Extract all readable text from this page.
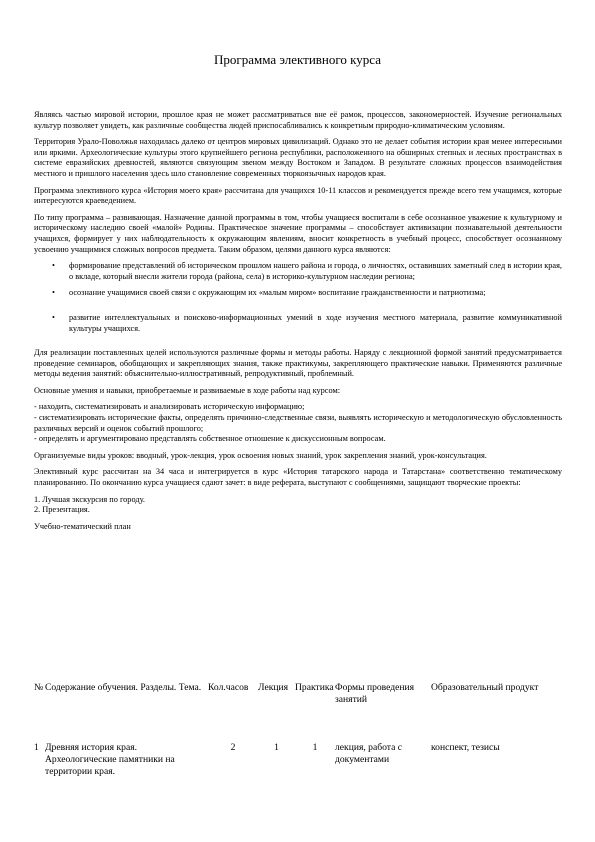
Программа элективного курса

Являясь частью мировой истории, прошлое края не может рассматриваться вне её рамок, процессов, закономерностей. Изучение региональных культур позволяет увидеть, как различные сообщества людей приспосабливались к конкретным природно-климатическим условиям.

Территория Урало-Поволжья находилась далеко от центров мировых цивилизаций. Однако это не делает события истории края менее интересными или яркими. Археологические культуры этого крупнейшего региона республики, расположенного на обширных степных и лесных пространствах в системе евразийских древностей, являются связующим звеном между Востоком и Западом. В результате сложных процессов взаимодействия местного и пришлого населения здесь шло становление современных тюркоязычных народов края.

Программа элективного курса «История моего края» рассчитана для учащихся 10-11 классов и рекомендуется прежде всего тем учащимся, которые интересуются краеведением.

По типу программа – развивающая. Назначение данной программы в том, чтобы учащиеся воспитали в себе осознанное уважение к культурному и историческому наследию своей «малой» Родины. Практическое значение программы – способствует активизации познавательной деятельности учащихся, формирует у них наблюдательность к окружающим явлениям, вносит конкретность в учебный процесс, способствует осознанному усвоению учащимися сложных вопросов предмета. Таким образом, целями данного курса являются:

• формирование представлений об историческом прошлом нашего района и города, о личностях, оставивших заметный след в истории края, о вкладе, который внесли жители города (района, села) в историко-культурном наследии региона;
• осознание учащимися своей связи с окружающим их «малым миром» воспитание гражданственности и патриотизма;
• развитие интеллектуальных и поисково-информационных умений в ходе изучения местного материала, развитие коммуникативной культуры учащихся.

Для реализации поставленных целей используются различные формы и методы работы. Наряду с лекционной формой занятий предусматривается проведение семинаров, обобщающих и закрепляющих знания, также практикумы, закрепляющего практические навыки. Применяются различные методы ведения занятий: объяснительно-иллюстративный, репродуктивный, проблемный.

Основные умения и навыки, приобретаемые и развиваемые в ходе работы над курсом:

- находить, систематизировать и анализировать историческую информацию;

- систематизировать исторические факты, определять причинно-следственные связи, выявлять историческую и методологическую обусловленность различных версий и оценок событий прошлого;

- определять и аргументировано представлять собственное отношение к дискуссионным вопросам.

Организуемые виды уроков: вводный, урок-лекция, урок освоения новых знаний, урок закрепления знаний, урок-консультация.

Элективный курс рассчитан на 34 часа и интегрируется в курс «История татарского народа и Татарстана» соответственно тематическому планированию. По окончанию курса учащиеся сдают зачет: в виде реферата, выступают с сообщениями, защищают творческие проекты:

1. Лучшая экскурсия по городу.

2. Презентация.

Учебно-тематический план

№	Содержание обучения. Разделы. Тема.	Кол.часов	Лекция	Практика	Формы проведения занятий	Образовательный продукт
1	Древняя история края. Археологические памятники на территории края.	2	1	1	лекция, работа с документами	конспект, тезисы
